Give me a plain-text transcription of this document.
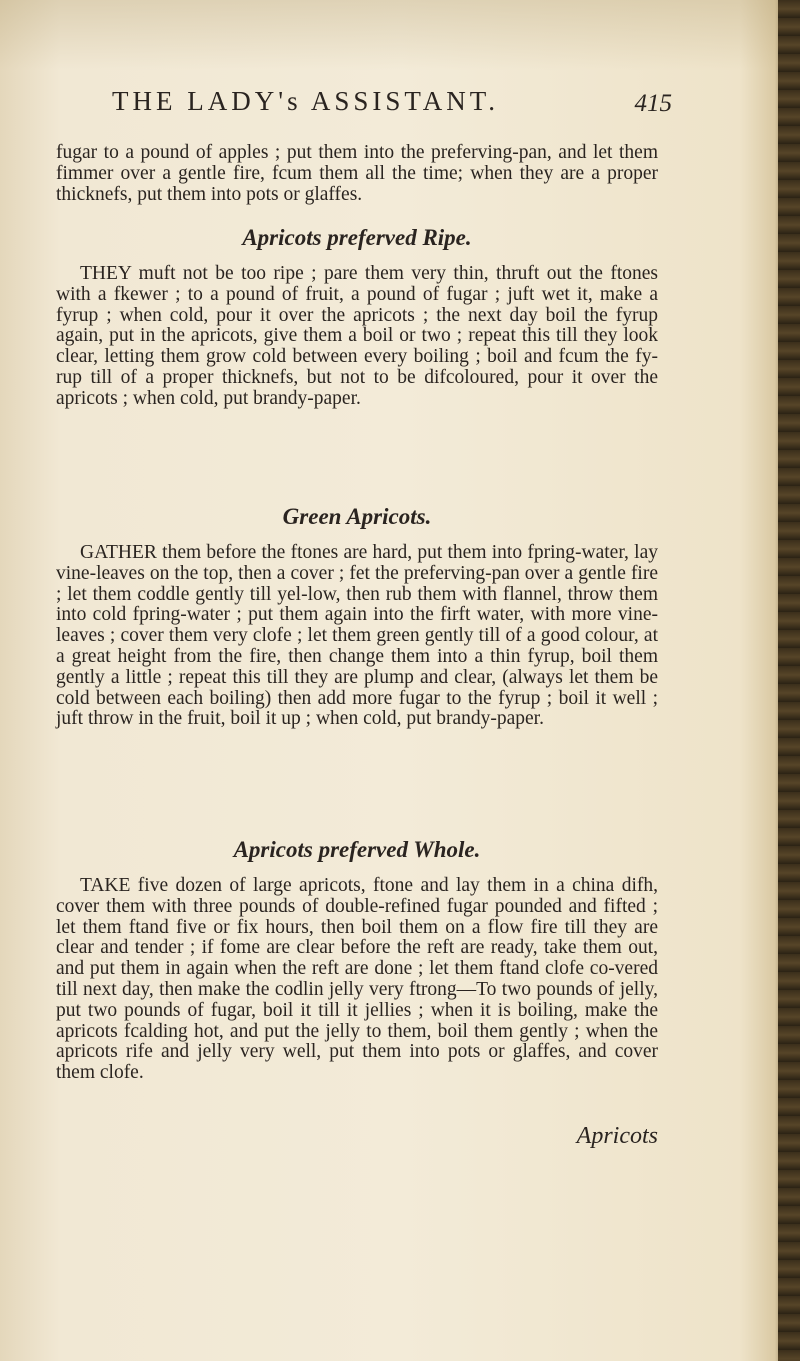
THE LADY's ASSISTANT.	415

fugar to a pound of apples ; put them into the preferving-pan, and let them fimmer over a gentle fire, fcum them all the time; when they are a proper thicknefs, put them into pots or glaffes.

Apricots preferved Ripe.

THEY muft not be too ripe ; pare them very thin, thruft out the ftones with a fkewer ; to a pound of fruit, a pound of fugar ; juft wet it, make a fyrup ; when cold, pour it over the apricots ; the next day boil the fyrup again, put in the apricots, give them a boil or two ; repeat this till they look clear, letting them grow cold between every boiling ; boil and fcum the fy-rup till of a proper thicknefs, but not to be difcoloured, pour it over the apricots ; when cold, put brandy-paper.

Green Apricots.

GATHER them before the ftones are hard, put them into fpring-water, lay vine-leaves on the top, then a cover ; fet the preferving-pan over a gentle fire ; let them coddle gently till yel-low, then rub them with flannel, throw them into cold fpring-water ; put them again into the firft water, with more vine-leaves ; cover them very clofe ; let them green gently till of a good colour, at a great height from the fire, then change them into a thin fyrup, boil them gently a little ; repeat this till they are plump and clear, (always let them be cold between each boiling) then add more fugar to the fyrup ; boil it well ; juft throw in the fruit, boil it up ; when cold, put brandy-paper.

Apricots preferved Whole.

TAKE five dozen of large apricots, ftone and lay them in a china difh, cover them with three pounds of double-refined fugar pounded and fifted ; let them ftand five or fix hours, then boil them on a flow fire till they are clear and tender ; if fome are clear before the reft are ready, take them out, and put them in again when the reft are done ; let them ftand clofe co-vered till next day, then make the codlin jelly very ftrong—To two pounds of jelly, put two pounds of fugar, boil it till it jellies ; when it is boiling, make the apricots fcalding hot, and put the jelly to them, boil them gently ; when the apricots rife and jelly very well, put them into pots or glaffes, and cover them clofe.

Apricots
